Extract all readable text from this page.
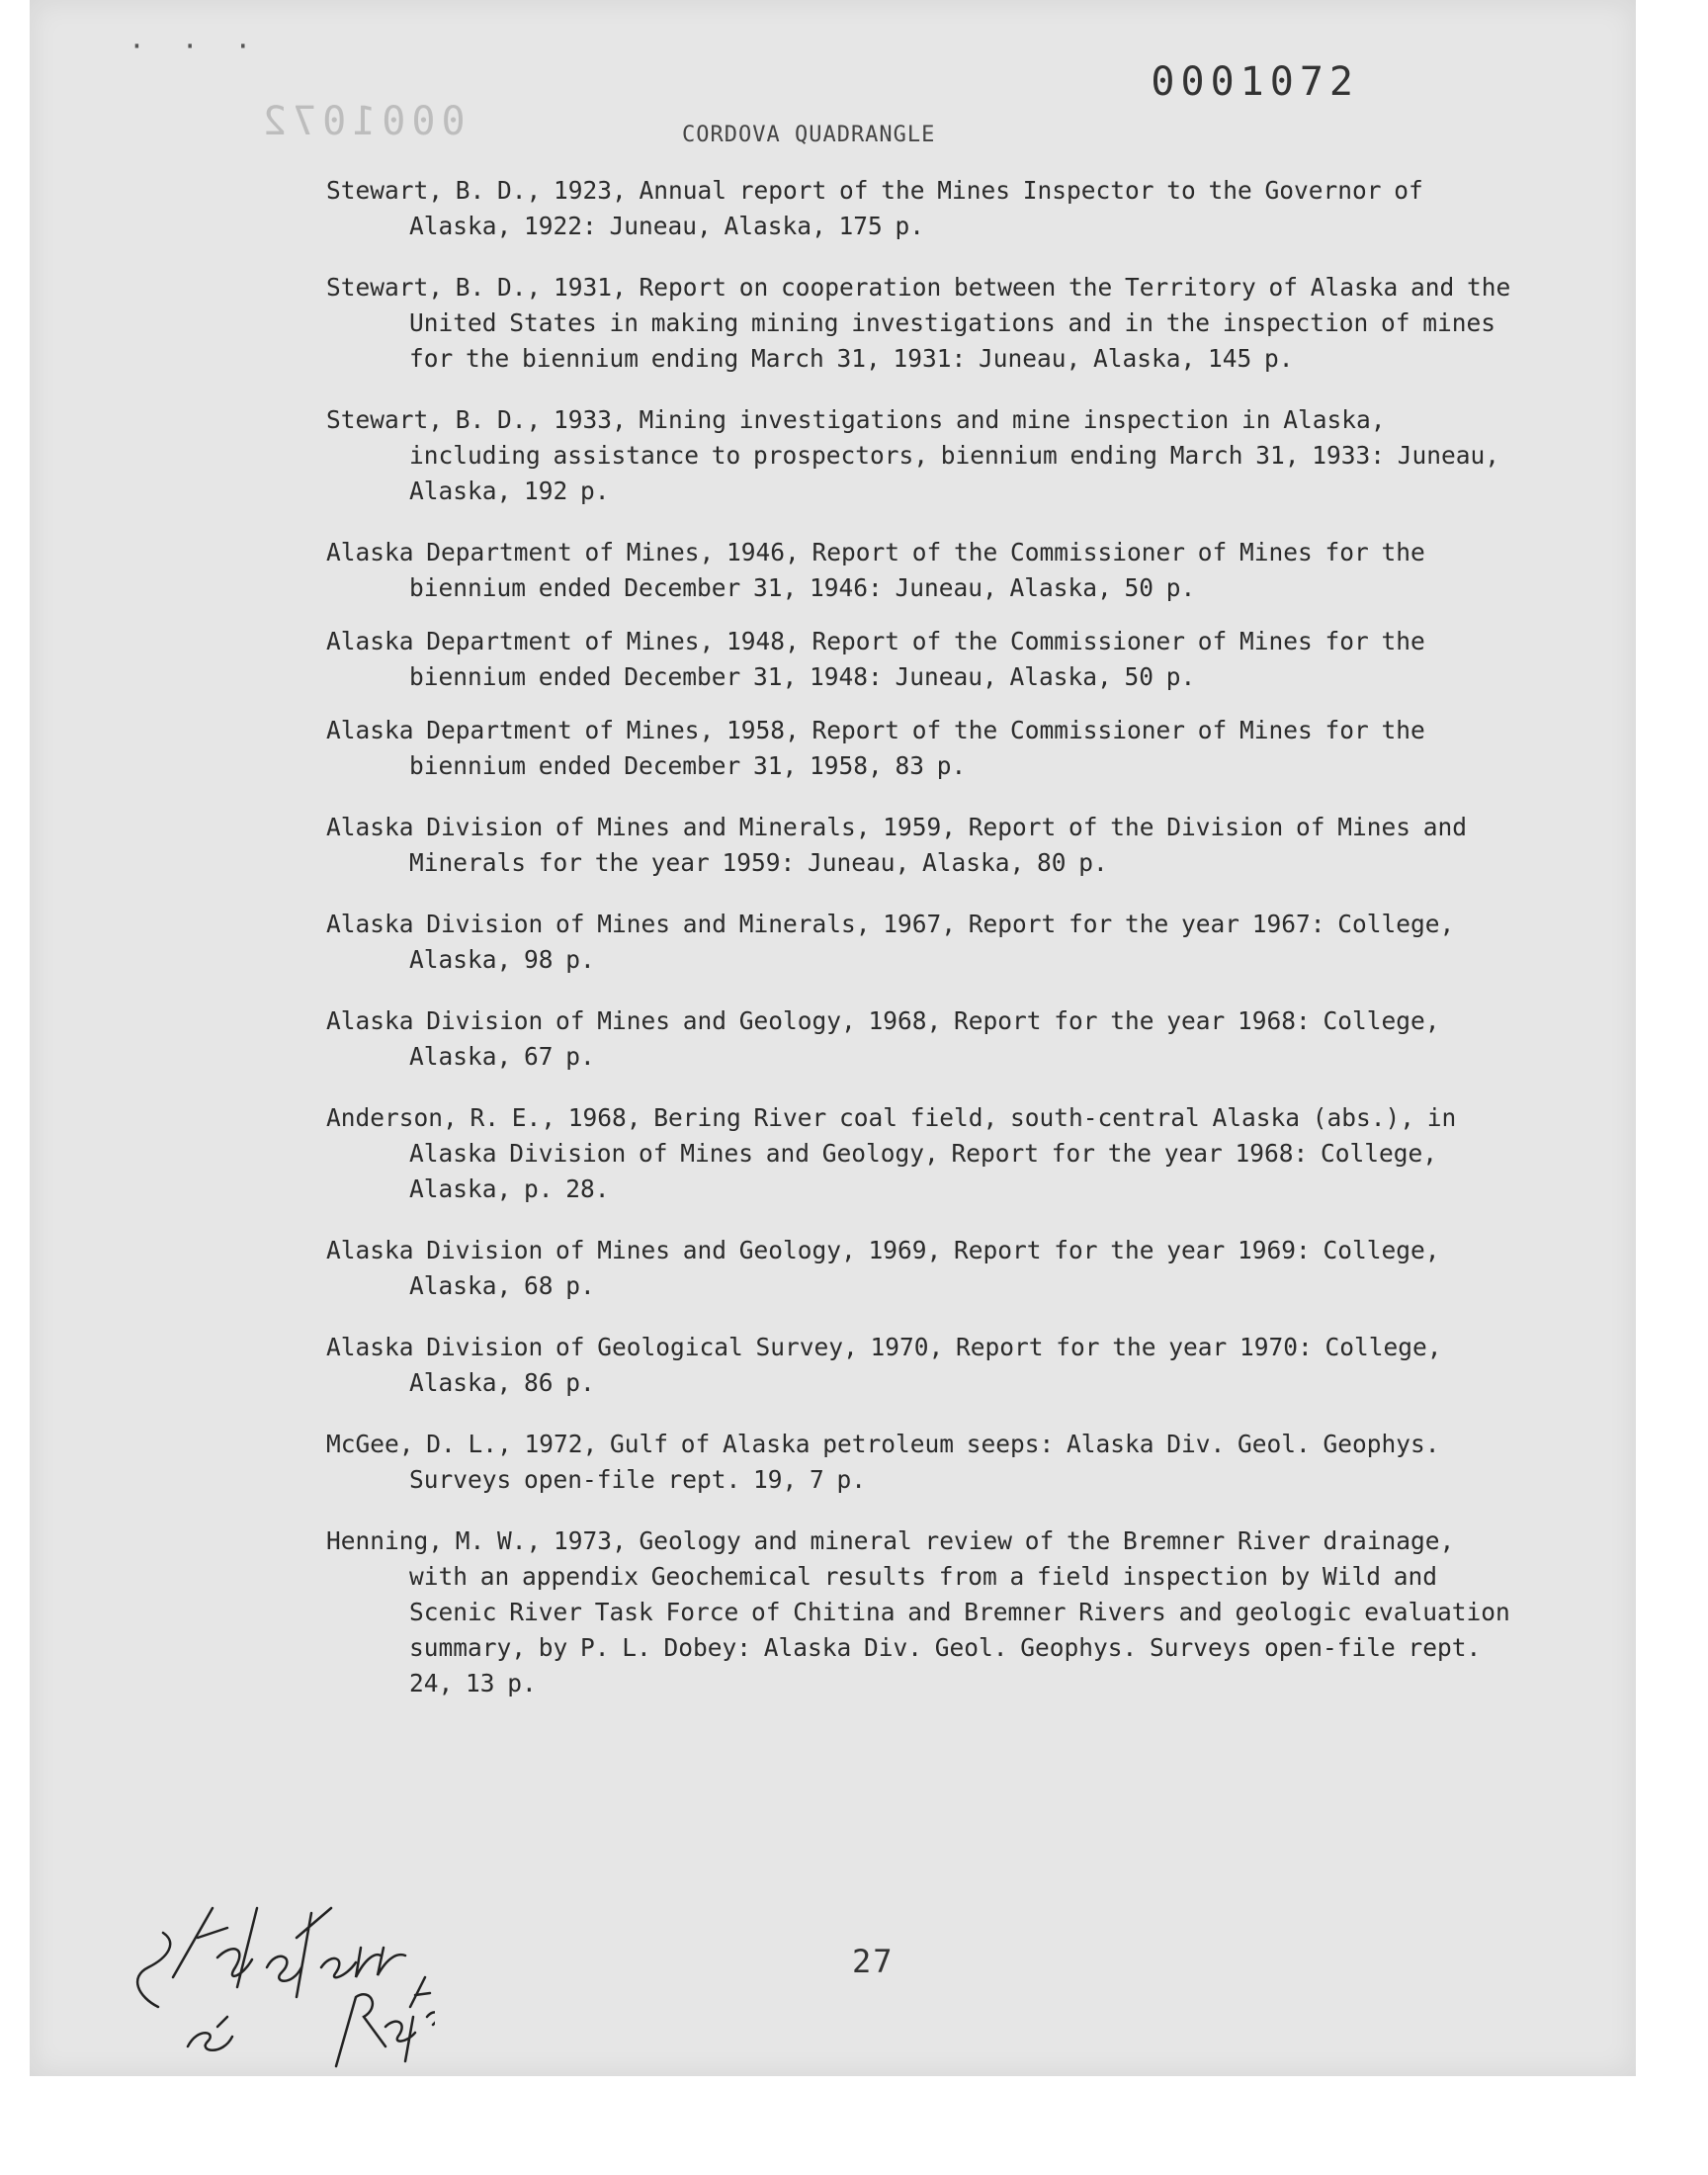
· · ·
0001072
0001072
CORDOVA QUADRANGLE
Stewart, B. D., 1923, Annual report of the Mines Inspector to the Governor of Alaska, 1922: Juneau, Alaska, 175 p.
Stewart, B. D., 1931, Report on cooperation between the Territory of Alaska and the United States in making mining investigations and in the inspection of mines for the biennium ending March 31, 1931: Juneau, Alaska, 145 p.
Stewart, B. D., 1933, Mining investigations and mine inspection in Alaska, including assistance to prospectors, biennium ending March 31, 1933: Juneau, Alaska, 192 p.
Alaska Department of Mines, 1946, Report of the Commissioner of Mines for the biennium ended December 31, 1946: Juneau, Alaska, 50 p.
Alaska Department of Mines, 1948, Report of the Commissioner of Mines for the biennium ended December 31, 1948: Juneau, Alaska, 50 p.
Alaska Department of Mines, 1958, Report of the Commissioner of Mines for the biennium ended December 31, 1958, 83 p.
Alaska Division of Mines and Minerals, 1959, Report of the Division of Mines and Minerals for the year 1959: Juneau, Alaska, 80 p.
Alaska Division of Mines and Minerals, 1967, Report for the year 1967: College, Alaska, 98 p.
Alaska Division of Mines and Geology, 1968, Report for the year 1968: College, Alaska, 67 p.
Anderson, R. E., 1968, Bering River coal field, south-central Alaska (abs.), in Alaska Division of Mines and Geology, Report for the year 1968: College, Alaska, p. 28.
Alaska Division of Mines and Geology, 1969, Report for the year 1969: College, Alaska, 68 p.
Alaska Division of Geological Survey, 1970, Report for the year 1970: College, Alaska, 86 p.
McGee, D. L., 1972, Gulf of Alaska petroleum seeps: Alaska Div. Geol. Geophys. Surveys open-file rept. 19, 7 p.
Henning, M. W., 1973, Geology and mineral review of the Bremner River drainage, with an appendix Geochemical results from a field inspection by Wild and Scenic River Task Force of Chitina and Bremner Rivers and geologic evaluation summary, by P. L. Dobey: Alaska Div. Geol. Geophys. Surveys open-file rept. 24, 13 p.
27
